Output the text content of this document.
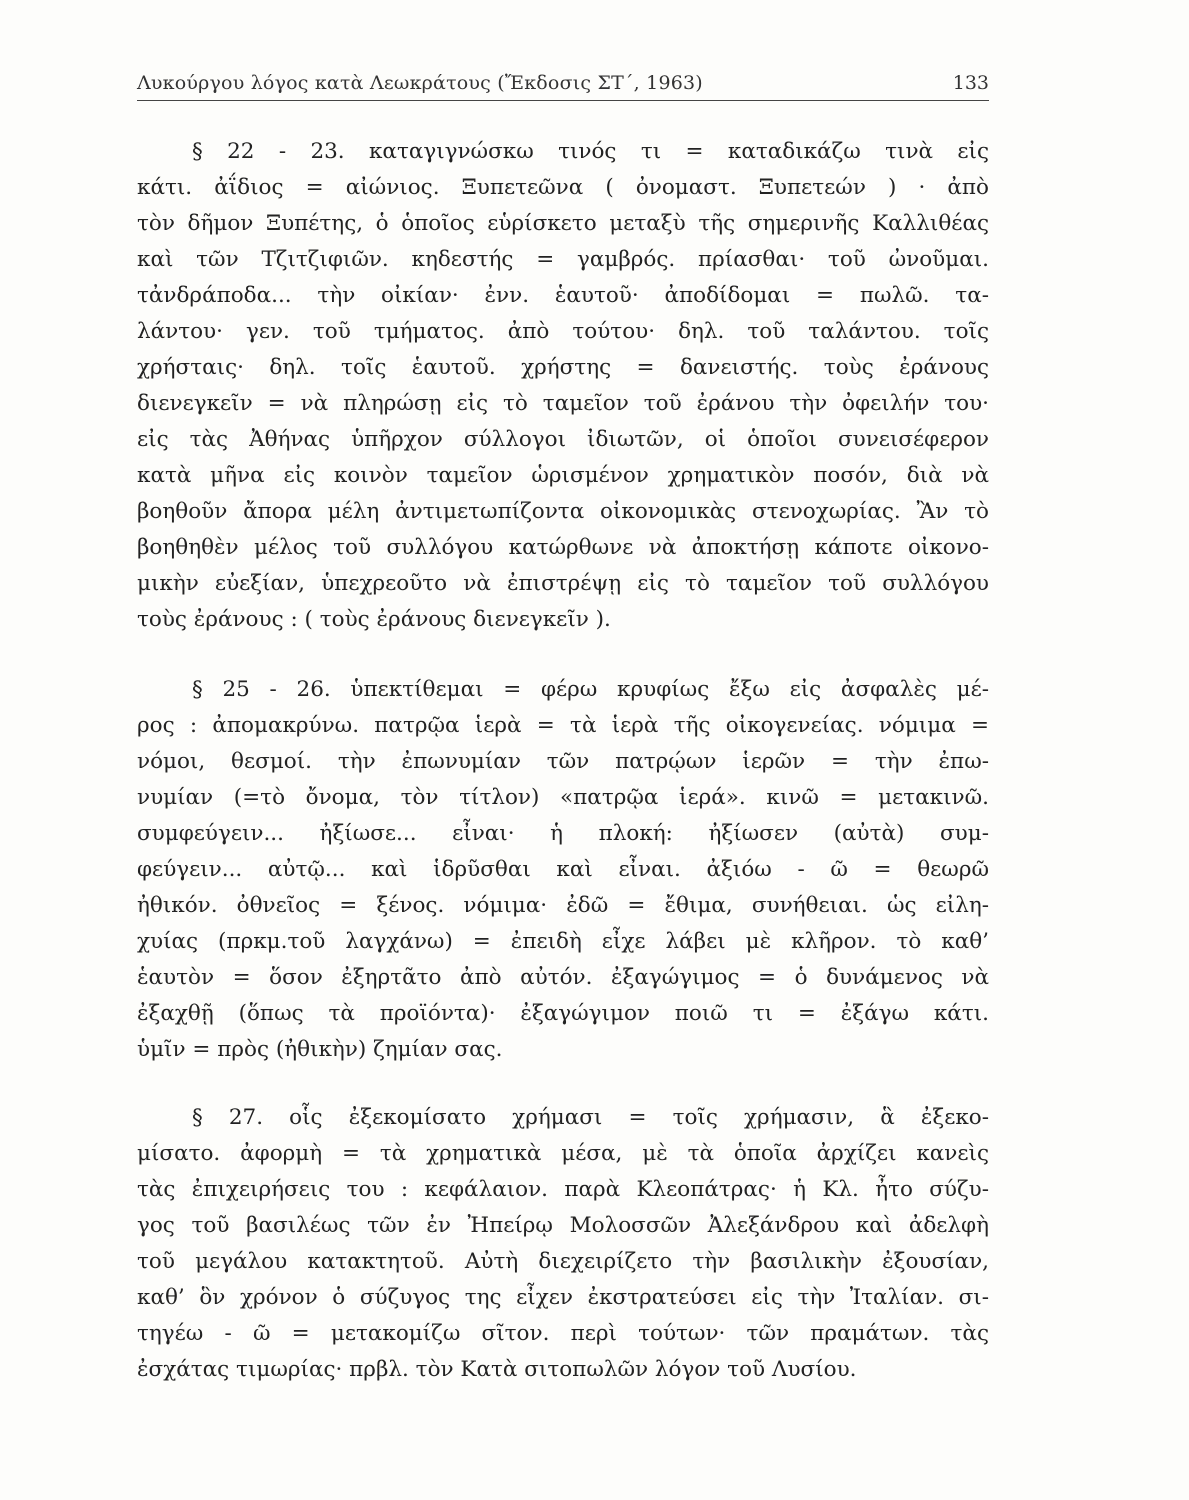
Λυκούργου λόγος κατὰ Λεωκράτους (Ἔκδοσις ΣΤ΄, 1963)	133
§ 22 - 23. καταγιγνώσκω τινός τι = καταδικάζω τινὰ εἰς
κάτι. ἀΐδιος = αἰώνιος. Ξυπετεῶνα ( ὀνομαστ. Ξυπετεών ) · ἀπὸ
τὸν δῆμον Ξυπέτης, ὁ ὁποῖος εὑρίσκετο μεταξὺ τῆς σημερινῆς Καλλιθέας
καὶ τῶν Τζιτζιφιῶν. κηδεστής = γαμβρός. πρίασθαι· τοῦ ὠνοῦμαι.
τἀνδράποδα... τὴν οἰκίαν· ἐνν. ἑαυτοῦ· ἀποδίδομαι = πωλῶ. τα-
λάντου· γεν. τοῦ τμήματος. ἀπὸ τούτου· δηλ. τοῦ ταλάντου. τοῖς
χρήσταις· δηλ. τοῖς ἑαυτοῦ. χρήστης = δανειστής. τοὺς ἐράνους
διενεγκεῖν = νὰ πληρώσῃ εἰς τὸ ταμεῖον τοῦ ἐράνου τὴν ὀφειλήν του·
εἰς τὰς Ἀθήνας ὑπῆρχον σύλλογοι ἰδιωτῶν, οἱ ὁποῖοι συνεισέφερον
κατὰ μῆνα εἰς κοινὸν ταμεῖον ὡρισμένον χρηματικὸν ποσόν, διὰ νὰ
βοηθοῦν ἄπορα μέλη ἀντιμετωπίζοντα οἰκονομικὰς στενοχωρίας. Ἂν τὸ
βοηθηθὲν μέλος τοῦ συλλόγου κατώρθωνε νὰ ἀποκτήσῃ κάποτε οἰκονο-
μικὴν εὐεξίαν, ὑπεχρεοῦτο νὰ ἐπιστρέψῃ εἰς τὸ ταμεῖον τοῦ συλλόγου
τοὺς ἐράνους : ( τοὺς ἐράνους διενεγκεῖν ).
§ 25 - 26. ὑπεκτίθεμαι = φέρω κρυφίως ἔξω εἰς ἀσφαλὲς μέ-
ρος : ἀπομακρύνω. πατρῷα ἱερὰ = τὰ ἱερὰ τῆς οἰκογενείας. νόμιμα =
νόμοι, θεσμοί. τὴν ἐπωνυμίαν τῶν πατρῴων ἱερῶν = τὴν ἐπω-
νυμίαν (=τὸ ὄνομα, τὸν τίτλον) «πατρῷα ἱερά». κινῶ = μετακινῶ.
συμφεύγειν... ἠξίωσε... εἶναι· ἡ πλοκή: ἠξίωσεν (αὐτὰ) συμ-
φεύγειν... αὐτῷ... καὶ ἱδρῦσθαι καὶ εἶναι. ἀξιόω - ῶ = θεωρῶ
ἠθικόν. ὀθνεῖος = ξένος. νόμιμα· ἐδῶ = ἔθιμα, συνήθειαι. ὡς εἰλη-
χυίας (πρκμ.τοῦ λαγχάνω) = ἐπειδὴ εἶχε λάβει μὲ κλῆρον. τὸ καθ’
ἑαυτὸν = ὅσον ἐξηρτᾶτο ἀπὸ αὐτόν. ἐξαγώγιμος = ὁ δυνάμενος νὰ
ἐξαχθῇ (ὅπως τὰ προϊόντα)· ἐξαγώγιμον ποιῶ τι = ἐξάγω κάτι.
ὑμῖν = πρὸς (ἠθικὴν) ζημίαν σας.
§ 27. οἷς ἐξεκομίσατο χρήμασι = τοῖς χρήμασιν, ἃ ἐξεκο-
μίσατο. ἀφορμὴ = τὰ χρηματικὰ μέσα, μὲ τὰ ὁποῖα ἀρχίζει κανεὶς
τὰς ἐπιχειρήσεις του : κεφάλαιον. παρὰ Κλεοπάτρας· ἡ Κλ. ἦτο σύζυ-
γος τοῦ βασιλέως τῶν ἐν Ἠπείρῳ Μολοσσῶν Ἀλεξάνδρου καὶ ἀδελφὴ
τοῦ μεγάλου κατακτητοῦ. Αὐτὴ διεχειρίζετο τὴν βασιλικὴν ἐξουσίαν,
καθ’ ὃν χρόνον ὁ σύζυγος της εἶχεν ἐκστρατεύσει εἰς τὴν Ἰταλίαν. σι-
τηγέω - ῶ = μετακομίζω σῖτον. περὶ τούτων· τῶν πραμάτων. τὰς
ἐσχάτας τιμωρίας· πρβλ. τὸν Κατὰ σιτοπωλῶν λόγον τοῦ Λυσίου.
